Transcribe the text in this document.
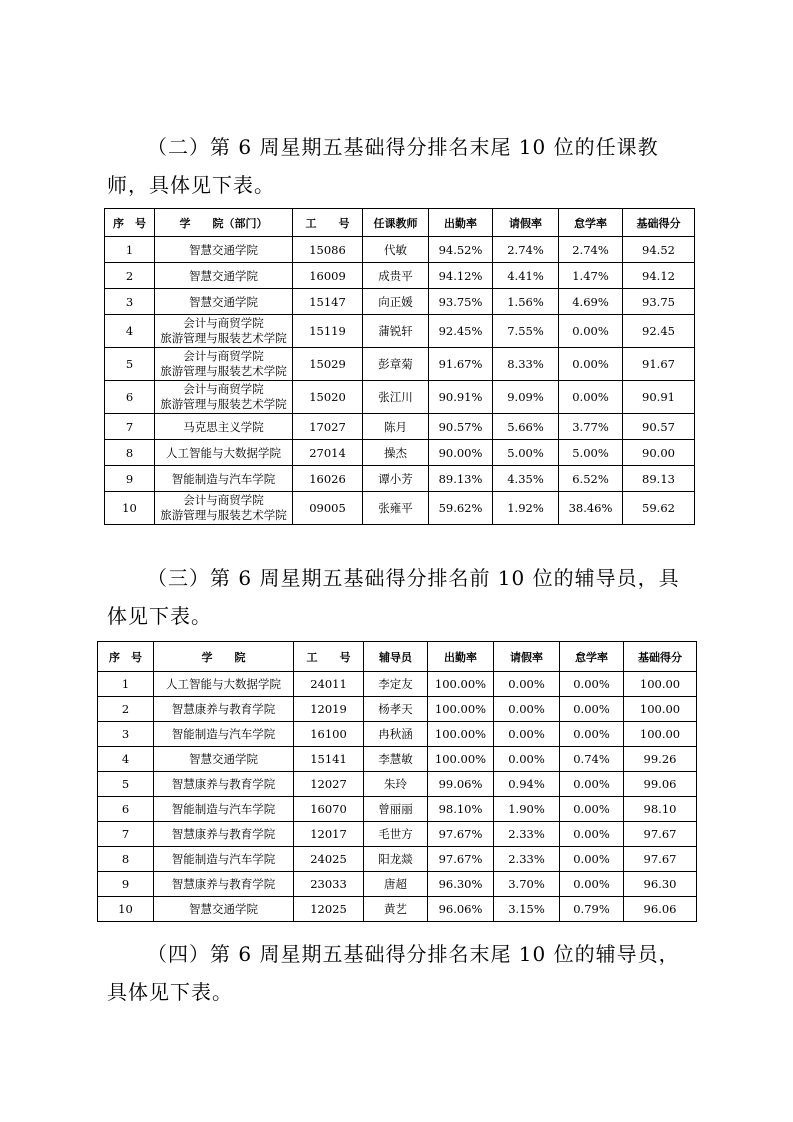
（二）第 6 周星期五基础得分排名末尾 10 位的任课教师，具体见下表。

序　号	学　　院（部门）	工　　号	任课教师	出勤率	请假率	怠学率	基础得分
1	智慧交通学院	15086	代敏	94.52%	2.74%	2.74%	94.52
2	智慧交通学院	16009	成贵平	94.12%	4.41%	1.47%	94.12
3	智慧交通学院	15147	向正媛	93.75%	1.56%	4.69%	93.75
4	会计与商贸学院
旅游管理与服装艺术学院	15119	蒲锐轩	92.45%	7.55%	0.00%	92.45
5	会计与商贸学院
旅游管理与服装艺术学院	15029	彭章菊	91.67%	8.33%	0.00%	91.67
6	会计与商贸学院
旅游管理与服装艺术学院	15020	张江川	90.91%	9.09%	0.00%	90.91
7	马克思主义学院	17027	陈月	90.57%	5.66%	3.77%	90.57
8	人工智能与大数据学院	27014	操杰	90.00%	5.00%	5.00%	90.00
9	智能制造与汽车学院	16026	谭小芳	89.13%	4.35%	6.52%	89.13
10	会计与商贸学院
旅游管理与服装艺术学院	09005	张雍平	59.62%	1.92%	38.46%	59.62

（三）第 6 周星期五基础得分排名前 10 位的辅导员，具体见下表。

序　号	学　　院	工　　号	辅导员	出勤率	请假率	怠学率	基础得分
1	人工智能与大数据学院	24011	李定友	100.00%	0.00%	0.00%	100.00
2	智慧康养与教育学院	12019	杨孝天	100.00%	0.00%	0.00%	100.00
3	智能制造与汽车学院	16100	冉秋涵	100.00%	0.00%	0.00%	100.00
4	智慧交通学院	15141	李慧敏	100.00%	0.00%	0.74%	99.26
5	智慧康养与教育学院	12027	朱玲	99.06%	0.94%	0.00%	99.06
6	智能制造与汽车学院	16070	曾丽丽	98.10%	1.90%	0.00%	98.10
7	智慧康养与教育学院	12017	毛世方	97.67%	2.33%	0.00%	97.67
8	智能制造与汽车学院	24025	阳龙燚	97.67%	2.33%	0.00%	97.67
9	智慧康养与教育学院	23033	唐超	96.30%	3.70%	0.00%	96.30
10	智慧交通学院	12025	黄艺	96.06%	3.15%	0.79%	96.06

（四）第 6 周星期五基础得分排名末尾 10 位的辅导员，具体见下表。
